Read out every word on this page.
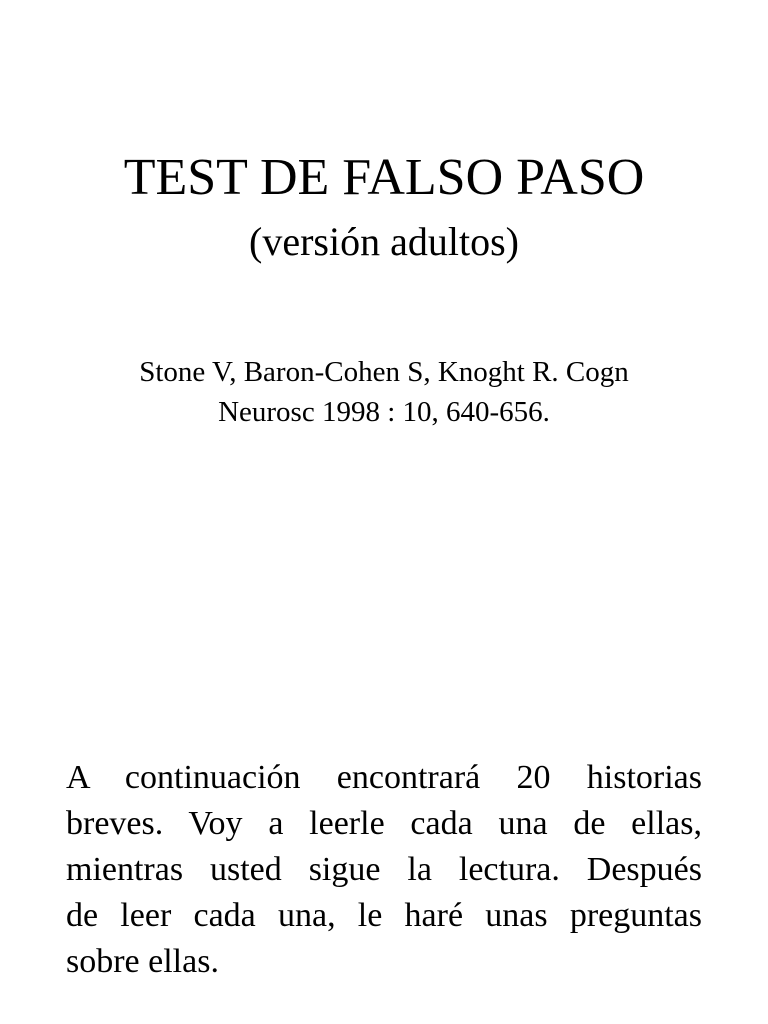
TEST DE FALSO PASO
(versión adultos)

Stone V, Baron-Cohen S, Knoght R. Cogn
Neurosc 1998 : 10, 640-656.

A continuación encontrará 20 historias
breves. Voy a leerle cada una de ellas,
mientras usted sigue la lectura. Después
de leer cada una, le haré unas preguntas
sobre ellas.
